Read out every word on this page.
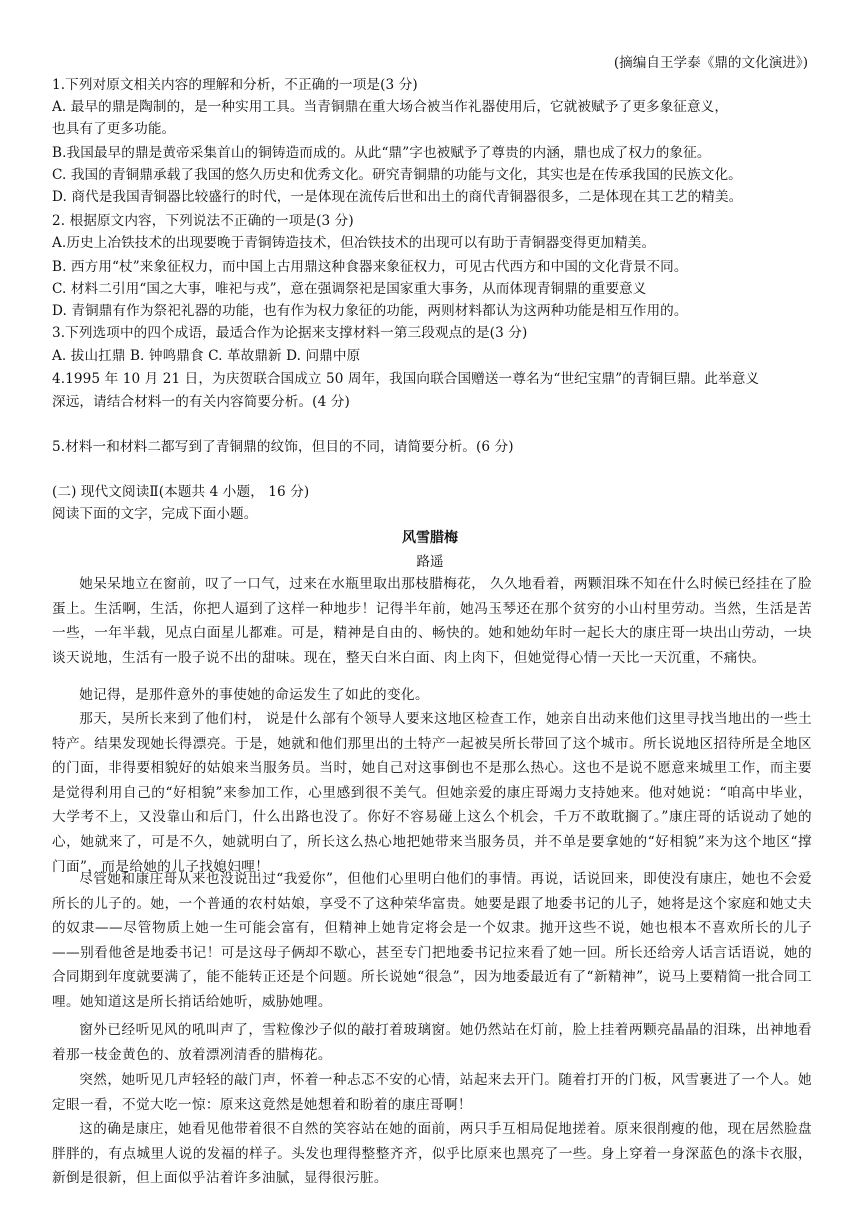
(摘编自王学泰《鼎的文化演进》)
1.下列对原文相关内容的理解和分析，不正确的一项是(3 分)
A. 最早的鼎是陶制的，是一种实用工具。当青铜鼎在重大场合被当作礼器使用后，它就被赋予了更多象征意义，
也具有了更多功能。
B.我国最早的鼎是黄帝采集首山的铜铸造而成的。从此“鼎”字也被赋予了尊贵的内涵，鼎也成了权力的象征。
C. 我国的青铜鼎承载了我国的悠久历史和优秀文化。研究青铜鼎的功能与文化，其实也是在传承我国的民族文化。
D. 商代是我国青铜器比较盛行的时代，一是体现在流传后世和出土的商代青铜器很多，二是体现在其工艺的精美。
2. 根据原文内容，下列说法不正确的一项是(3 分)
A.历史上冶铁技术的出现要晚于青铜铸造技术，但冶铁技术的出现可以有助于青铜器变得更加精美。
B. 西方用“杖”来象征权力，而中国上古用鼎这种食器来象征权力，可见古代西方和中国的文化背景不同。
C. 材料二引用“国之大事，唯祀与戎”，意在强调祭祀是国家重大事务，从而体现青铜鼎的重要意义
D. 青铜鼎有作为祭祀礼器的功能，也有作为权力象征的功能，两则材料都认为这两种功能是相互作用的。
3.下列选项中的四个成语，最适合作为论据来支撑材料一第三段观点的是(3 分)
A. 拔山扛鼎 B. 钟鸣鼎食 C. 革故鼎新 D. 问鼎中原
4.1995 年 10 月 21 日，为庆贺联合国成立 50 周年，我国向联合国赠送一尊名为“世纪宝鼎”的青铜巨鼎。此举意义
深远，请结合材料一的有关内容简要分析。(4 分)
5.材料一和材料二都写到了青铜鼎的纹饰，但目的不同，请简要分析。(6 分)
(二) 现代文阅读Ⅱ(本题共 4 小题， 16 分)
阅读下面的文字，完成下面小题。
风雪腊梅
路遥
她呆呆地立在窗前，叹了一口气，过来在水瓶里取出那枝腊梅花， 久久地看着，两颗泪珠不知在什么时候已经挂在了脸蛋上。生活啊，生活，你把人逼到了这样一种地步！记得半年前，她冯玉琴还在那个贫穷的小山村里劳动。当然，生活是苦一些，一年半载，见点白面星儿都难。可是，精神是自由的、畅快的。她和她幼年时一起长大的康庄哥一块出山劳动，一块谈天说地，生活有一股子说不出的甜味。现在，整天白米白面、肉上肉下，但她觉得心情一天比一天沉重，不痛快。
她记得，是那件意外的事使她的命运发生了如此的变化。
那天，吴所长来到了他们村， 说是什么部有个领导人要来这地区检查工作，她亲自出动来他们这里寻找当地出的一些土特产。结果发现她长得漂亮。于是，她就和他们那里出的土特产一起被吴所长带回了这个城市。所长说地区招待所是全地区的门面，非得要相貌好的姑娘来当服务员。当时，她自己对这事倒也不是那么热心。这也不是说不愿意来城里工作，而主要是觉得利用自己的“好相貌”来参加工作，心里感到很不美气。但她亲爱的康庄哥竭力支持她来。他对她说：“咱高中毕业，大学考不上，又没靠山和后门，什么出路也没了。你好不容易碰上这么个机会，千万不敢耽搁了。”康庄哥的话说动了她的心，她就来了，可是不久，她就明白了，所长这么热心地把她带来当服务员，并不单是要拿她的“好相貌”来为这个地区“撑门面”，而是给她的儿子找媳妇哩！
尽管她和康庄哥从来也没说出过“我爱你”，但他们心里明白他们的事情。再说，话说回来，即使没有康庄，她也不会爱所长的儿子的。她，一个普通的农村姑娘，享受不了这种荣华富贵。她要是跟了地委书记的儿子，她将是这个家庭和她丈夫的奴隶——尽管物质上她一生可能会富有，但精神上她肯定将会是一个奴隶。抛开这些不说，她也根本不喜欢所长的儿子——别看他爸是地委书记！可是这母子俩却不歇心，甚至专门把地委书记拉来看了她一回。所长还给旁人话言话语说，她的合同期到年度就要满了，能不能转正还是个问题。所长说她“很急”，因为地委最近有了“新精神”，说马上要精简一批合同工哩。她知道这是所长捎话给她听，威胁她哩。
窗外已经听见风的吼叫声了，雪粒像沙子似的敲打着玻璃窗。她仍然站在灯前，脸上挂着两颗亮晶晶的泪珠，出神地看着那一枝金黄色的、放着漂冽清香的腊梅花。
突然，她听见几声轻轻的敲门声，怀着一种忐忑不安的心情，站起来去开门。随着打开的门板，风雪裹进了一个人。她定眼一看，不觉大吃一惊：原来这竟然是她想着和盼着的康庄哥啊！
这的确是康庄，她看见他带着很不自然的笑容站在她的面前，两只手互相局促地搓着。原来很削瘦的他，现在居然脸盘胖胖的，有点城里人说的发福的样子。头发也理得整整齐齐，似乎比原来也黑亮了一些。身上穿着一身深蓝色的涤卡衣服，新倒是很新，但上面似乎沾着许多油腻，显得很污脏。
